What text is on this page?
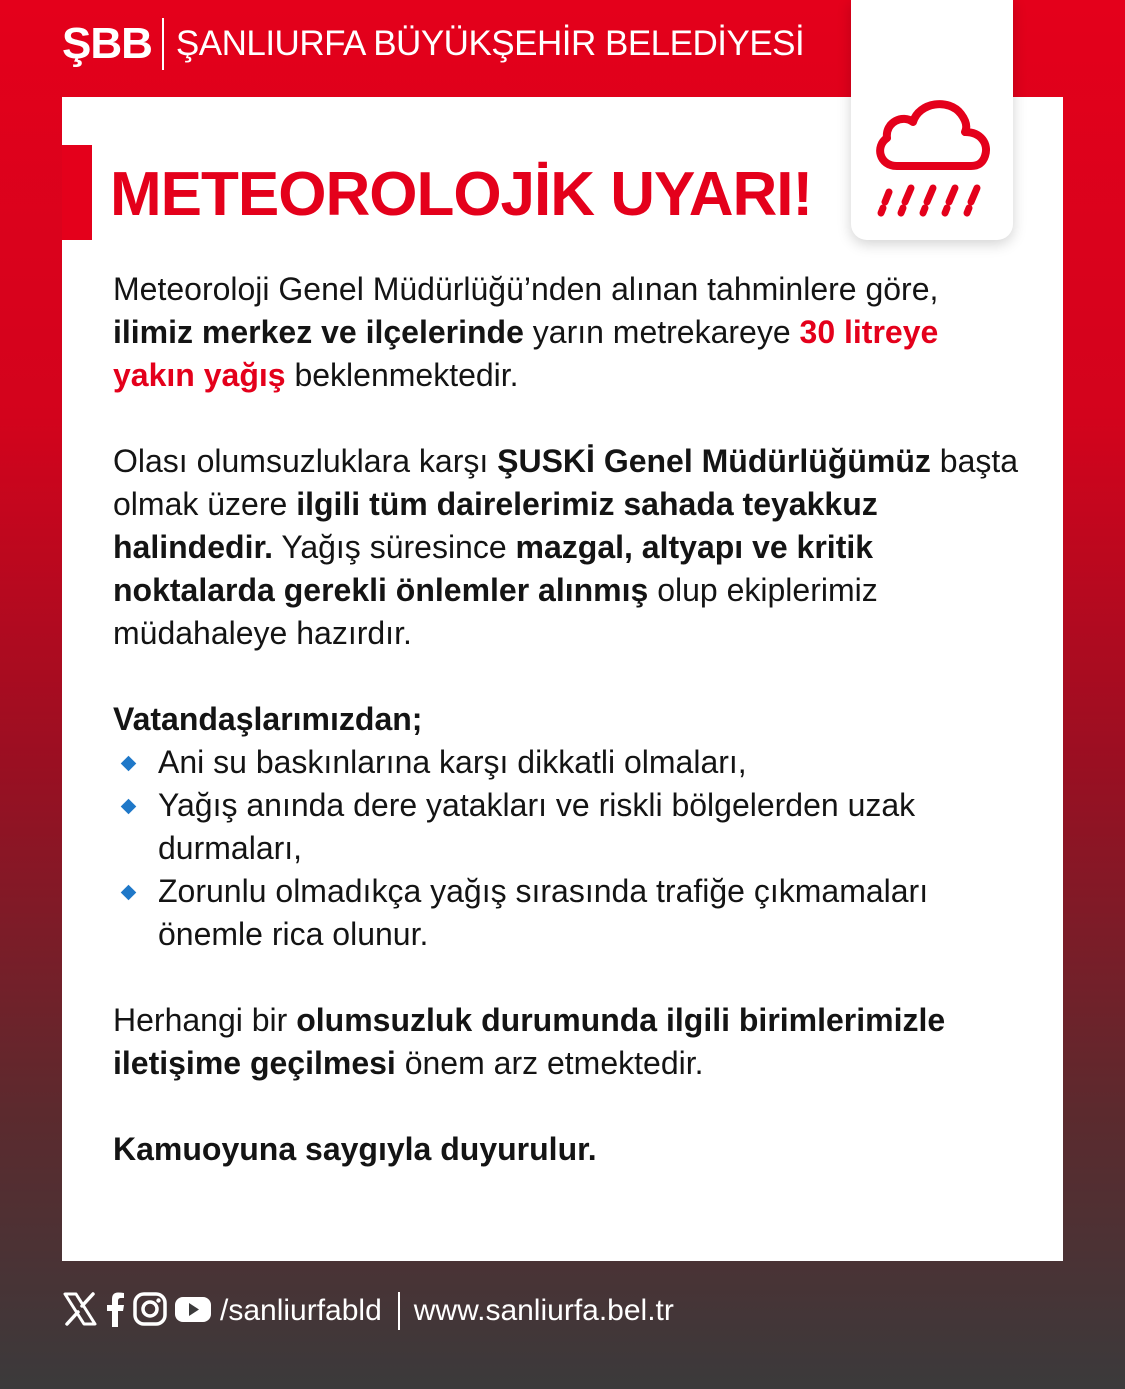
ŞBB ŞANLIURFA BÜYÜKŞEHİR BELEDİYESİ
METEOROLOJİK UYARI!

Meteoroloji Genel Müdürlüğü’nden alınan tahminlere göre, ilimiz merkez ve ilçelerinde yarın metrekareye 30 litreye yakın yağış beklenmektedir.

Olası olumsuzluklara karşı ŞUSKİ Genel Müdürlüğümüz başta olmak üzere ilgili tüm dairelerimiz sahada teyakkuz halindedir. Yağış süresince mazgal, altyapı ve kritik noktalarda gerekli önlemler alınmış olup ekiplerimiz müdahaleye hazırdır.

Vatandaşlarımızdan;

Ani su baskınlarına karşı dikkatli olmaları,
Yağış anında dere yatakları ve riskli bölgelerden uzak durmaları,
Zorunlu olmadıkça yağış sırasında trafiğe çıkmamaları önemle rica olunur.

Herhangi bir olumsuzluk durumunda ilgili birimlerimizle iletişime geçilmesi önem arz etmektedir.

Kamuoyuna saygıyla duyurulur.

/sanliurfabld www.sanliurfa.bel.tr
